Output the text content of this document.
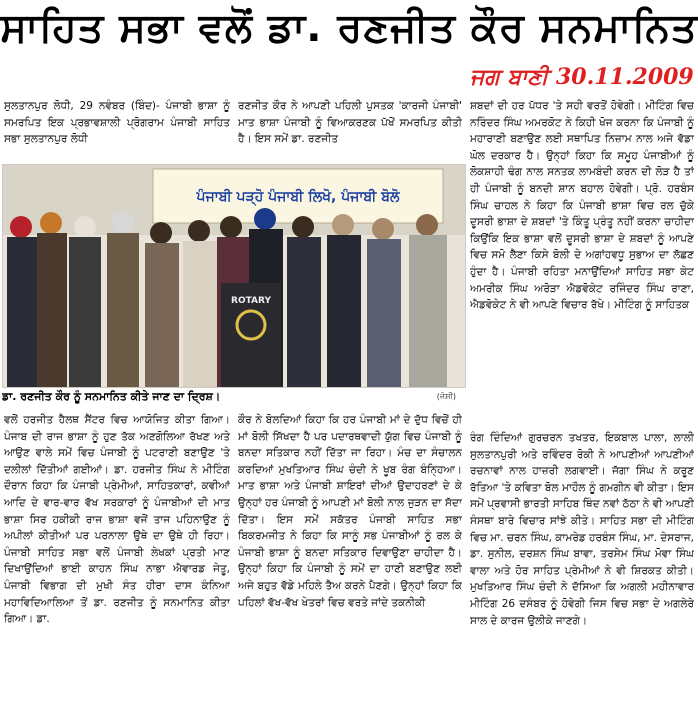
ਸਾਹਿਤ ਸਭਾ ਵਲੋਂ ਡਾ. ਰਣਜੀਤ ਕੌਰ ਸਨਮਾਨਿਤ
ਜਗ ਬਾਣੀ 30.11.2009

ਸੁਲਤਾਨਪੁਰ ਲੋਧੀ, 29 ਨਵੰਬਰ (ਬਿੰਦ)- ਪੰਜਾਬੀ ਭਾਸ਼ਾ ਨੂੰ ਸਮਰਪਿਤ ਇਕ ਪ੍ਰਭਾਵਸ਼ਾਲੀ ਪ੍ਰੋਗਰਾਮ ਪੰਜਾਬੀ ਸਾਹਿਤ ਸਭਾ ਸੁਲਤਾਨਪੁਰ ਲੋਧੀ

ਰਣਜੀਤ ਕੌਰ ਨੇ ਆਪਣੀ ਪਹਿਲੀ ਪੁਸਤਕ 'ਕਾਰਜੀ ਪੰਜਾਬੀ' ਮਾਤ ਭਾਸ਼ਾ ਪੰਜਾਬੀ ਨੂੰ ਵਿਆਕਰਣਕ ਪੱਖੋਂ ਸਮਰਪਿਤ ਕੀਤੀ ਹੈ। ਇਸ ਸਮੇਂ ਡਾ. ਰਣਜੀਤ

ਸ਼ਬਦਾਂ ਦੀ ਹਰ ਪੱਧਰ 'ਤੇ ਸਹੀ ਵਰਤੋਂ ਹੋਵੇਗੀ। ਮੀਟਿੰਗ ਵਿਚ ਨਰਿੰਦਰ ਸਿੰਘ ਅਮਰਕੋਟ ਨੇ ਕਿਹੀ ਖੋਜ ਕਰਨਾ ਕਿ ਪੰਜਾਬੀ ਨੂੰ ਮਹਾਰਾਣੀ ਬਣਾਉਣ ਲਈ ਸਥਾਪਿਤ ਨਿਜ਼ਾਮ ਨਾਲ ਅਜੇ ਵੱਡਾ ਘੋਲ ਦਰਕਾਰ ਹੈ। ਉਨ੍ਹਾਂ ਕਿਹਾ ਕਿ ਸਮੂਹ ਪੰਜਾਬੀਆਂ ਨੂੰ ਲੋਕਸ਼ਾਹੀ ਢੰਗ ਨਾਲ ਸਨਤਕ ਲਾਮਬੰਦੀ ਕਰਨ ਦੀ ਲੋੜ ਹੈ ਤਾਂ ਹੀ ਪੰਜਾਬੀ ਨੂੰ ਬਨਦੀ ਸ਼ਾਨ ਬਹਾਲ ਹੋਵੇਗੀ। ਪ੍ਰੋ. ਹਰਬੰਸ ਸਿੰਘ ਚਾਹਲ ਨੇ ਕਿਹਾ ਕਿ ਪੰਜਾਬੀ ਭਾਸ਼ਾ ਵਿਚ ਰਲ ਚੁੱਕੇ ਦੂਸਰੀ ਭਾਸ਼ਾ ਦੇ ਸ਼ਬਦਾਂ 'ਤੇ ਕਿੰਤੂ ਪ੍ਰੰਤੂ ਨਹੀਂ ਕਰਨਾ ਚਾਹੀਦਾ ਕਿਉਂਕਿ ਇਕ ਭਾਸ਼ਾ ਵਲੋਂ ਦੂਸਰੀ ਭਾਸ਼ਾ ਦੇ ਸ਼ਬਦਾਂ ਨੂੰ ਆਪਣੇ ਵਿਚ ਸਮੋ ਲੈਣਾ ਕਿਸੇ ਬੋਲੀ ਦੇ ਅਗਾਂਹਵਧੂ ਸੁਭਾਅ ਦਾ ਲੱਛਣ ਹੁੰਦਾ ਹੈ। ਪੰਜਾਬੀ ਰਹਿਤਾ ਮਨਾਉਂਦਿਆਂ ਸਾਹਿਤ ਸਭਾ ਕੇਟ ਅਮਰੀਕ ਸਿੰਘ ਅਰੋੜਾ ਐਡਵੋਕੇਟ ਰਜਿੰਦਰ ਸਿੰਘ ਰਾਣਾ, ਐਡਵੋਕੇਟ ਨੇ ਵੀ ਆਪਣੇ ਵਿਚਾਰ ਰੱਖੇ। ਮੀਟਿੰਗ ਨੂੰ ਸਾਹਿਤਕ

ਪੰਜਾਬੀ ਪੜ੍ਹੋ ਪੰਜਾਬੀ ਲਿਖੋ, ਪੰਜਾਬੀ ਬੋਲੋ
ROTARY
ਡਾ. ਰਣਜੀਤ ਕੌਰ ਨੂੰ ਸਨਮਾਨਿਤ ਕੀਤੇ ਜਾਣ ਦਾ ਦ੍ਰਿਸ਼।	(ਜੋਸ਼ੀ)

ਵਲੋਂ ਹਰਜੀਤ ਹੈਲਥ ਸੈਂਟਰ ਵਿਚ ਆਯੋਜਿਤ ਕੀਤਾ ਗਿਆ। ਪੰਜਾਬ ਦੀ ਰਾਜ ਭਾਸ਼ਾ ਨੂੰ ਹੁਣ ਤੱਕ ਅਣਗੋਲਿਆ ਰੱਖਣ ਅਤੇ ਆਉਣ ਵਾਲੇ ਸਮੇਂ ਵਿਚ ਪੰਜਾਬੀ ਨੂੰ ਪਟਰਾਣੀ ਬਣਾਉਣ 'ਤੇ ਦਲੀਲਾਂ ਦਿੱਤੀਆਂ ਗਈਆਂ। ਡਾ. ਹਰਜੀਤ ਸਿੰਘ ਨੇ ਮੀਟਿੰਗ ਦੌਰਾਨ ਕਿਹਾ ਕਿ ਪੰਜਾਬੀ ਪ੍ਰੇਮੀਆਂ, ਸਾਹਿਤਕਾਰਾਂ, ਕਵੀਆਂ ਆਦਿ ਦੇ ਵਾਰ-ਵਾਰ ਵੱਖ ਸਰਕਾਰਾਂ ਨੂੰ ਪੰਜਾਬੀਆਂ ਦੀ ਮਾਤ ਭਾਸ਼ਾ ਸਿਰ ਹਕੀਕੀ ਰਾਜ ਭਾਸ਼ਾ ਵਜੋਂ ਤਾਜ ਪਹਿਨਾਉਣ ਨੂੰ ਅਪੀਲਾਂ ਕੀਤੀਆਂ ਪਰ ਪਰਨਾਲਾ ਉਥੇ ਦਾ ਉਥੇ ਹੀ ਰਿਹਾ। ਪੰਜਾਬੀ ਸਾਹਿਤ ਸਭਾ ਵਲੋਂ ਪੰਜਾਬੀ ਲੇਖਕਾਂ ਪ੍ਰਤੀ ਮਾਣ ਦਿਖਾਉਂਦਿਆਂ ਭਾਈ ਕਾਹਨ ਸਿੰਘ ਨਾਭਾ ਐਵਾਰਡ ਜੇਤੂ, ਪੰਜਾਬੀ ਵਿਭਾਗ ਦੀ ਮੁਖੀ ਸੰਤ ਹੀਰਾ ਦਾਸ ਕੰਨਿਆ ਮਹਾਵਿਦਿਆਲਿਆ ਤੋਂ ਡਾ. ਰਣਜੀਤ ਨੂੰ ਸਨਮਾਨਿਤ ਕੀਤਾ ਗਿਆ। ਡਾ.

ਕੌਰ ਨੇ ਬੋਲਦਿਆਂ ਕਿਹਾ ਕਿ ਹਰ ਪੰਜਾਬੀ ਮਾਂ ਦੇ ਦੁੱਧ ਵਿਚੋਂ ਹੀ ਮਾਂ ਬੋਲੀ ਸਿੱਖਦਾ ਹੈ ਪਰ ਪਦਾਰਥਵਾਦੀ ਯੁੱਗ ਵਿਚ ਪੰਜਾਬੀ ਨੂੰ ਬਨਦਾ ਸਤਿਕਾਰ ਨਹੀਂ ਦਿੱਤਾ ਜਾ ਰਿਹਾ। ਮੰਚ ਦਾ ਸੰਚਾਲਨ ਕਰਦਿਆਂ ਮੁਖਤਿਆਰ ਸਿੰਘ ਚੰਦੀ ਨੇ ਖੂਬ ਰੰਗ ਬੰਨ੍ਹਿਆ। ਮਾਤ ਭਾਸ਼ਾ ਅਤੇ ਪੰਜਾਬੀ ਸ਼ਾਇਰਾਂ ਦੀਆਂ ਉਦਾਹਰਣਾਂ ਦੇ ਕੇ ਉਨ੍ਹਾਂ ਹਰ ਪੰਜਾਬੀ ਨੂੰ ਆਪਣੀ ਮਾਂ ਬੋਲੀ ਨਾਲ ਜੁੜਨ ਦਾ ਸੱਦਾ ਦਿੱਤਾ। ਇਸ ਸਮੇਂ ਸਕੱਤਰ ਪੰਜਾਬੀ ਸਾਹਿਤ ਸਭਾ ਬਿਕਰਮਜੀਤ ਨੇ ਕਿਹਾ ਕਿ ਸਾਨੂੰ ਸਭ ਪੰਜਾਬੀਆਂ ਨੂੰ ਰਲ ਕੇ ਪੰਜਾਬੀ ਭਾਸ਼ਾ ਨੂੰ ਬਨਦਾ ਸਤਿਕਾਰ ਦਿਵਾਉਣਾ ਚਾਹੀਦਾ ਹੈ। ਉਨ੍ਹਾਂ ਕਿਹਾ ਕਿ ਪੰਜਾਬੀ ਨੂੰ ਸਮੇਂ ਦਾ ਹਾਣੀ ਬਣਾਉਣ ਲਈ ਅਜੇ ਬਹੁਤ ਵੱਡੇ ਮਹਿਲੇ ਤੈਅ ਕਰਨੇ ਪੈਣਗੇ। ਉਨ੍ਹਾਂ ਕਿਹਾ ਕਿ ਪਹਿਲਾਂ ਵੱਖ-ਵੱਖ ਖੇਤਰਾਂ ਵਿਚ ਵਰਤੇ ਜਾਂਦੇ ਤਕਨੀਕੀ

ਰੰਗ ਦਿੰਦਿਆਂ ਗੁਰਚਰਨ ਤਖਤਰ, ਇਕਬਾਲ ਪਾਲਾ, ਲਾਲੀ ਸੁਲਤਾਨਪੁਰੀ ਅਤੇ ਰਵਿੰਦਰ ਰੋਕੀ ਨੇ ਆਪਣੀਆਂ ਆਪਣੀਆਂ ਰਚਨਾਵਾਂ ਨਾਲ ਹਾਜ਼ਰੀ ਲਗਵਾਈ। ਜੱਗਾ ਸਿੰਘ ਨੇ ਕਰੂਣ ਰੱਤਿਆ 'ਤੇ ਕਵਿਤਾ ਬੋਲ ਮਾਹੌਲ ਨੂੰ ਗਮਗੀਨ ਵੀ ਕੀਤਾ। ਇਸ ਸਮੇਂ ਪ੍ਰਵਾਸੀ ਭਾਰਤੀ ਸਾਹਿਬ ਥਿੰਦ ਨਵਾਂ ਠੱਠਾ ਨੇ ਵੀ ਆਪਣੀ ਸੰਸਥਾ ਬਾਰੇ ਵਿਚਾਰ ਸਾਂਝੇ ਕੀਤੇ। ਸਾਹਿਤ ਸਭਾ ਦੀ ਮੀਟਿੰਗ ਵਿਚ ਮਾ. ਚਰਨ ਸਿੰਘ, ਕਾਮਰੇਡ ਹਰਬੰਸ ਸਿੰਘ, ਮਾ. ਦੇਸਰਾਜ, ਡਾ. ਸੁਨੀਲ, ਦਰਸ਼ਨ ਸਿੰਘ ਬਾਵਾ, ਤਰਸੇਮ ਸਿੰਘ ਮੋਵਾ ਸਿੰਘ ਵਾਲਾ ਅਤੇ ਹੋਰ ਸਾਹਿਤ ਪ੍ਰੇਮੀਆਂ ਨੇ ਵੀ ਸ਼ਿਰਕਤ ਕੀਤੀ। ਮੁਖਤਿਆਰ ਸਿੰਘ ਚੰਦੀ ਨੇ ਦੱਸਿਆ ਕਿ ਅਗਲੀ ਮਹੀਨਾਵਾਰ ਮੀਟਿੰਗ 26 ਦਸੰਬਰ ਨੂੰ ਹੋਵੇਗੀ ਜਿਸ ਵਿਚ ਸਭਾ ਦੇ ਅਗਲੇਰੇ ਸਾਲ ਦੇ ਕਾਰਜ ਉਲੀਕੇ ਜਾਣਗੇ।
